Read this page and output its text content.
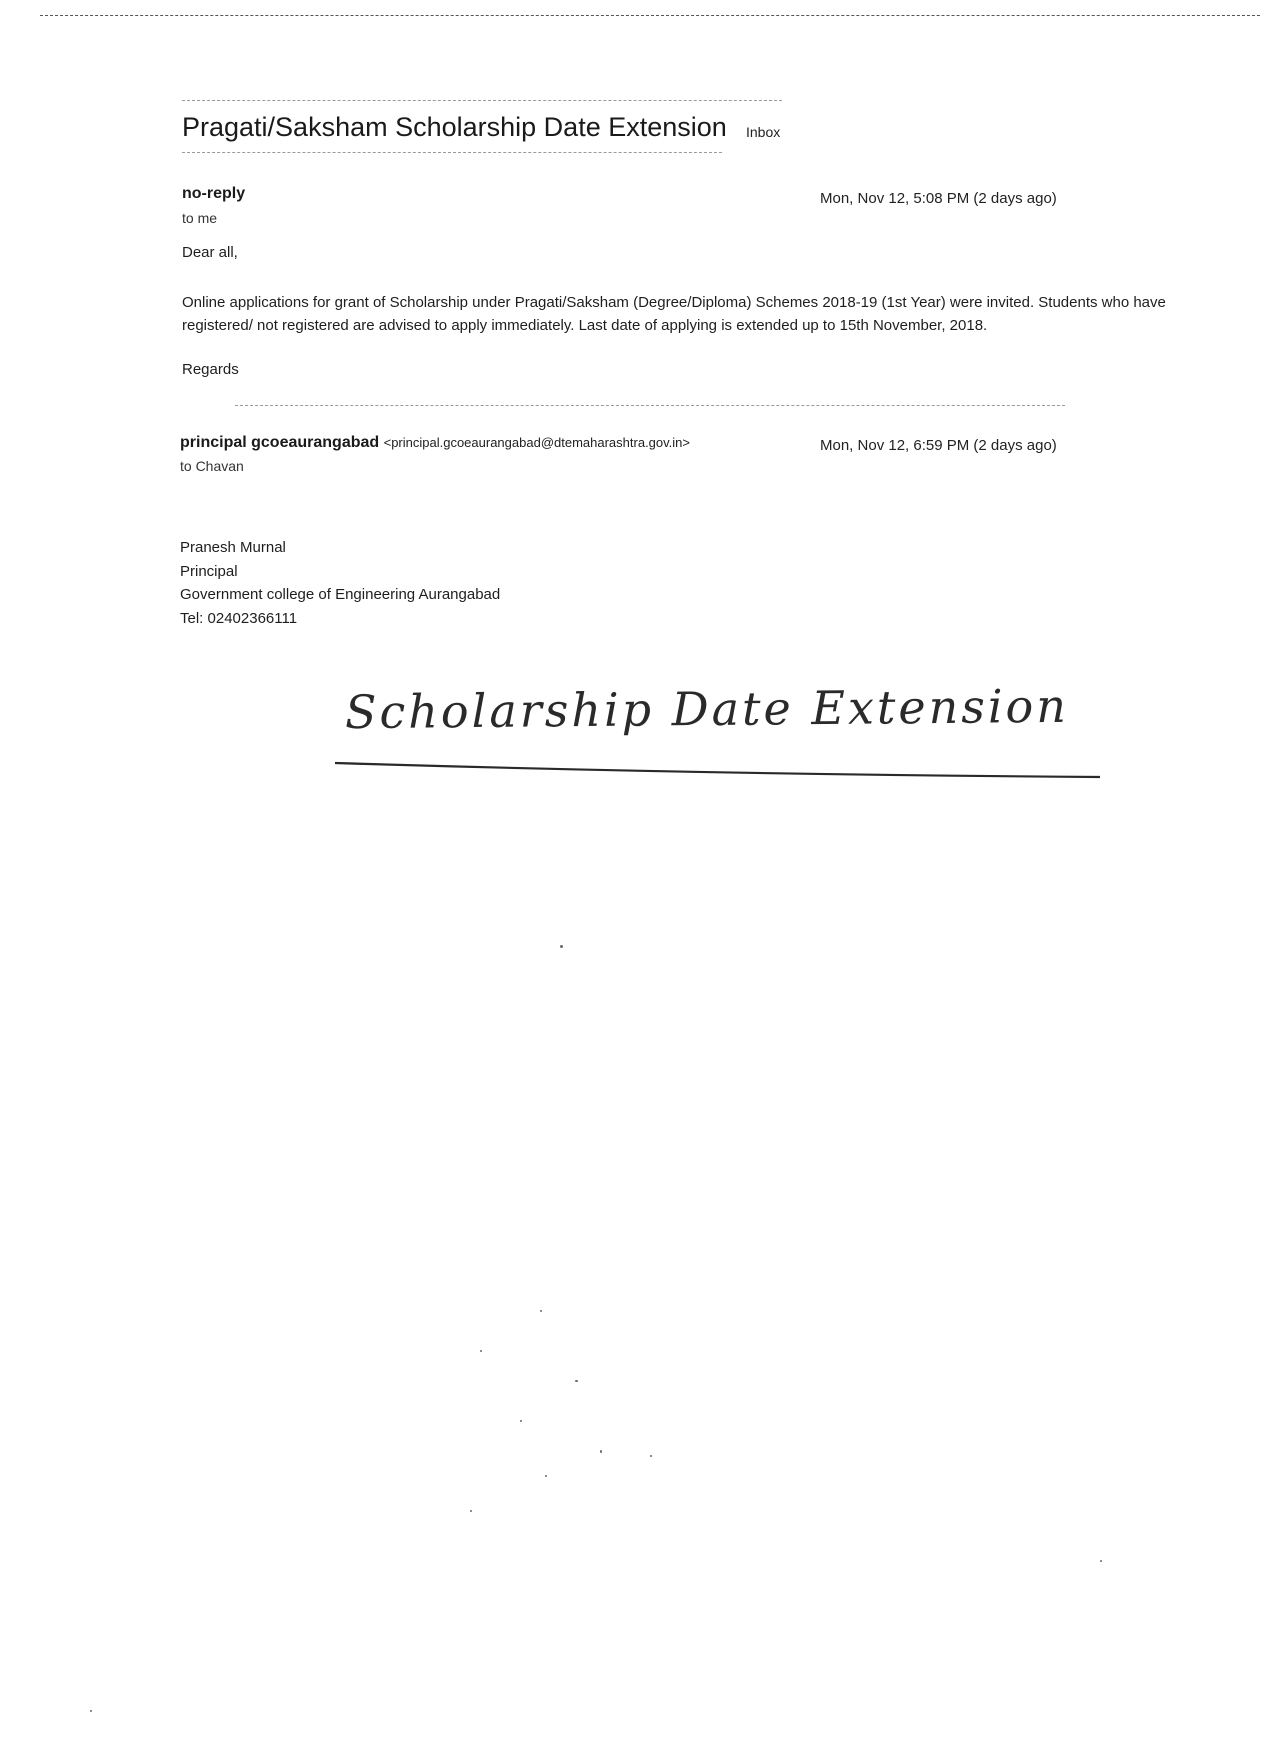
Pragati/Saksham Scholarship Date Extension Inbox
no-reply
to me
Mon, Nov 12, 5:08 PM (2 days ago)
Dear all,
Online applications for grant of Scholarship under Pragati/Saksham (Degree/Diploma) Schemes 2018-19 (1st Year) were invited. Students who have registered/ not registered are advised to apply immediately. Last date of applying is extended up to 15th November, 2018.
Regards
principal gcoeaurangabad <principal.gcoeaurangabad@dtemaharashtra.gov.in>
to Chavan
Mon, Nov 12, 6:59 PM (2 days ago)
Pranesh Murnal
Principal
Government college of Engineering Aurangabad
Tel: 02402366111
Scholarship Date Extension
